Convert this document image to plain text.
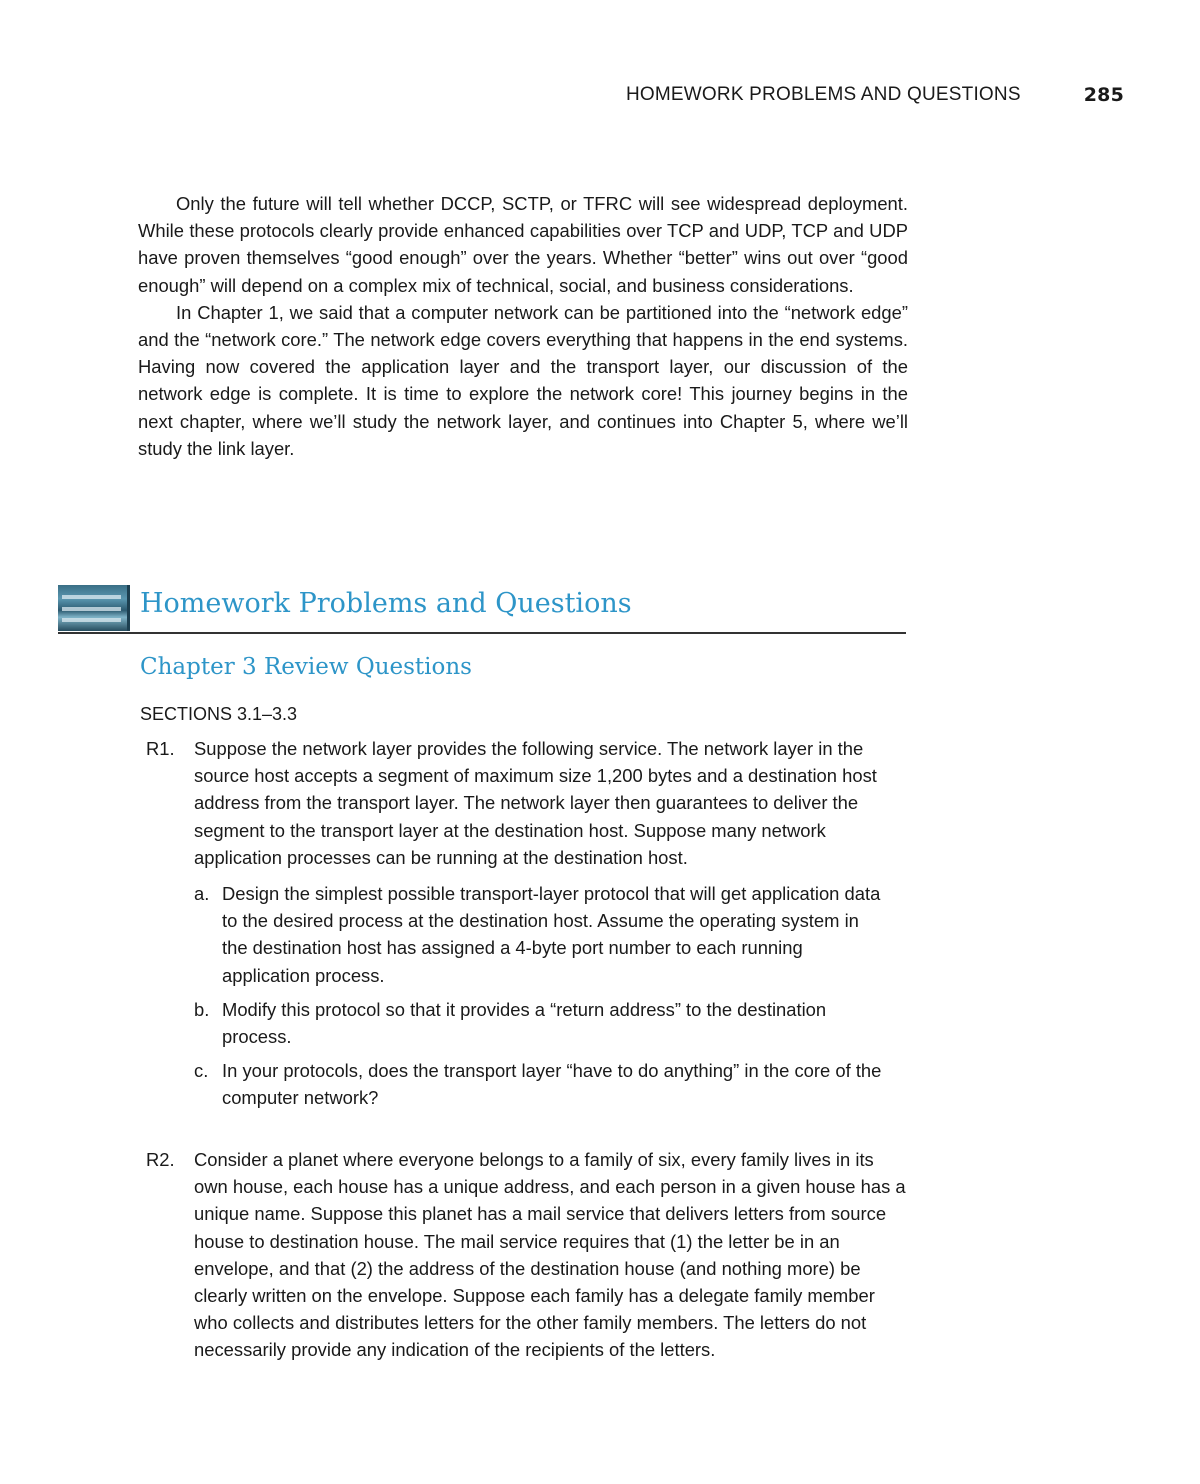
HOMEWORK PROBLEMS AND QUESTIONS	285

Only the future will tell whether DCCP, SCTP, or TFRC will see widespread deployment. While these protocols clearly provide enhanced capabilities over TCP and UDP, TCP and UDP have proven themselves “good enough” over the years. Whether “better” wins out over “good enough” will depend on a complex mix of technical, social, and business considerations.

In Chapter 1, we said that a computer network can be partitioned into the “network edge” and the “network core.” The network edge covers everything that happens in the end systems. Having now covered the application layer and the transport layer, our discussion of the network edge is complete. It is time to explore the network core! This journey begins in the next chapter, where we’ll study the network layer, and continues into Chapter 5, where we’ll study the link layer.

Homework Problems and Questions
Chapter 3 Review Questions
SECTIONS 3.1–3.3
R1. Suppose the network layer provides the following service. The network layer in the source host accepts a segment of maximum size 1,200 bytes and a destination host address from the transport layer. The network layer then guarantees to deliver the segment to the transport layer at the destination host. Suppose many network application processes can be running at the destination host.
a. Design the simplest possible transport-layer protocol that will get application data to the desired process at the destination host. Assume the operating system in the destination host has assigned a 4-byte port number to each running application process.
b. Modify this protocol so that it provides a “return address” to the destination process.
c. In your protocols, does the transport layer “have to do anything” in the core of the computer network?
R2. Consider a planet where everyone belongs to a family of six, every family lives in its own house, each house has a unique address, and each person in a given house has a unique name. Suppose this planet has a mail service that delivers letters from source house to destination house. The mail service requires that (1) the letter be in an envelope, and that (2) the address of the destination house (and nothing more) be clearly written on the envelope. Suppose each family has a delegate family member who collects and distributes letters for the other family members. The letters do not necessarily provide any indication of the recipients of the letters.
